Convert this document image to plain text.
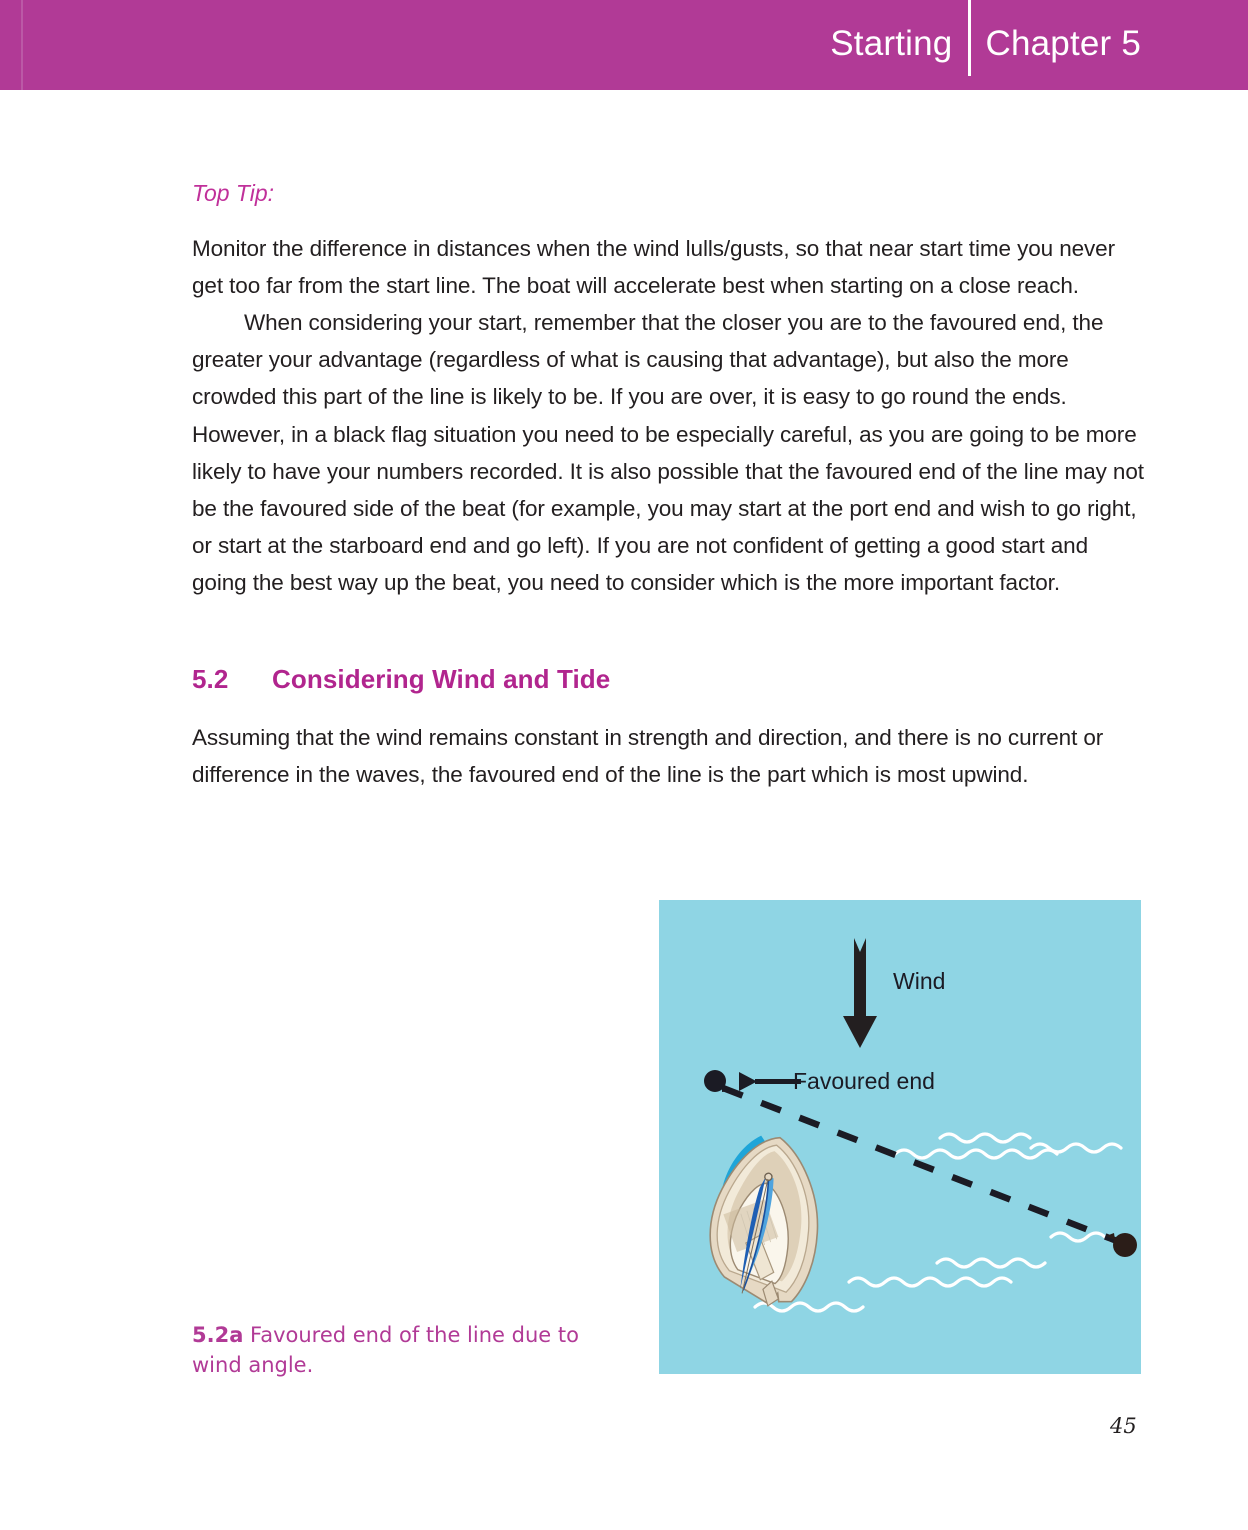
Starting Chapter 5
Top Tip:

Monitor the difference in distances when the wind lulls/gusts, so that near start time you never get too far from the start line. The boat will accelerate best when starting on a close reach.

When considering your start, remember that the closer you are to the favoured end, the greater your advantage (regardless of what is causing that advantage), but also the more crowded this part of the line is likely to be. If you are over, it is easy to go round the ends. However, in a black flag situation you need to be especially careful, as you are going to be more likely to have your numbers recorded. It is also possible that the favoured end of the line may not be the favoured side of the beat (for example, you may start at the port end and wish to go right, or start at the starboard end and go left). If you are not confident of getting a good start and going the best way up the beat, you need to consider which is the more important factor.

5.2	Considering Wind and Tide

Assuming that the wind remains constant in strength and direction, and there is no current or difference in the waves, the favoured end of the line is the part which is most upwind.

Wind
Favoured end
5.2a Favoured end of the line due to wind angle.
45
